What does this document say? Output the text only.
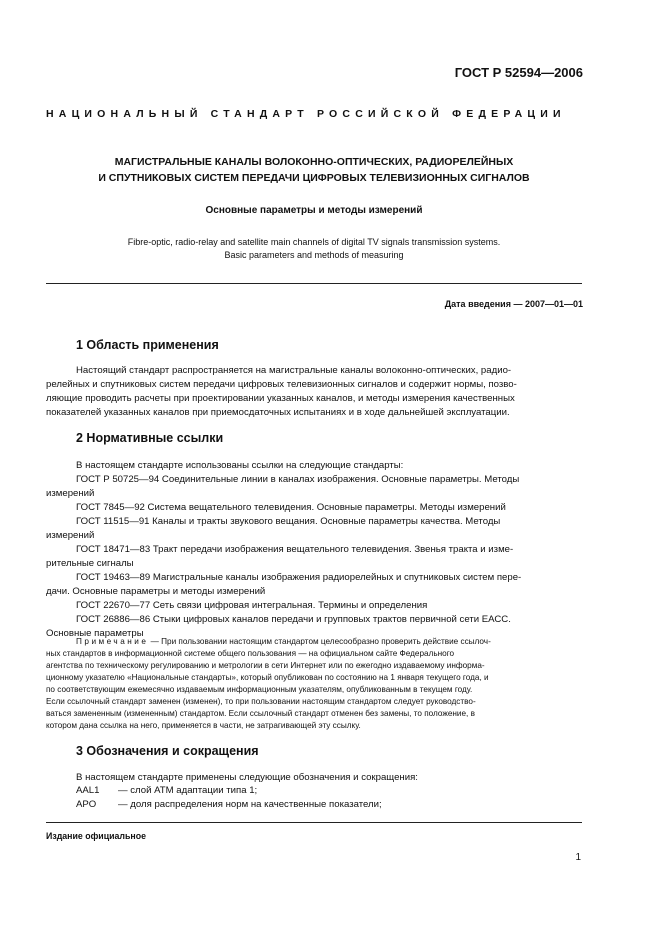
ГОСТ Р 52594—2006
НАЦИОНАЛЬНЫЙ СТАНДАРТ РОССИЙСКОЙ ФЕДЕРАЦИИ
МАГИСТРАЛЬНЫЕ КАНАЛЫ ВОЛОКОННО-ОПТИЧЕСКИХ, РАДИОРЕЛЕЙНЫХ
И СПУТНИКОВЫХ СИСТЕМ ПЕРЕДАЧИ ЦИФРОВЫХ ТЕЛЕВИЗИОННЫХ СИГНАЛОВ
Основные параметры и методы измерений
Fibre-optic, radio-relay and satellite main channels of digital TV signals transmission systems.
Basic parameters and methods of measuring
Дата введения — 2007—01—01
1 Область применения
Настоящий стандарт распространяется на магистральные каналы волоконно-оптических, радио-
релейных и спутниковых систем передачи цифровых телевизионных сигналов и содержит нормы, позво-
ляющие проводить расчеты при проектировании указанных каналов, и методы измерения качественных
показателей указанных каналов при приемосдаточных испытаниях и в ходе дальнейшей эксплуатации.
2 Нормативные ссылки
В настоящем стандарте использованы ссылки на следующие стандарты:
ГОСТ Р 50725—94 Соединительные линии в каналах изображения. Основные параметры. Методы
измерений
ГОСТ 7845—92 Система вещательного телевидения. Основные параметры. Методы измерений
ГОСТ 11515—91 Каналы и тракты звукового вещания. Основные параметры качества. Методы
измерений
ГОСТ 18471—83 Тракт передачи изображения вещательного телевидения. Звенья тракта и изме-
рительные сигналы
ГОСТ 19463—89 Магистральные каналы изображения радиорелейных и спутниковых систем пере-
дачи. Основные параметры и методы измерений
ГОСТ 22670—77 Сеть связи цифровая интегральная. Термины и определения
ГОСТ 26886—86 Стыки цифровых каналов передачи и групповых трактов первичной сети ЕАСС.
Основные параметры
Примечание — При пользовании настоящим стандартом целесообразно проверить действие ссылоч-
ных стандартов в информационной системе общего пользования — на официальном сайте Федерального
агентства по техническому регулированию и метрологии в сети Интернет или по ежегодно издаваемому информа-
ционному указателю «Национальные стандарты», который опубликован по состоянию на 1 января текущего года, и
по соответствующим ежемесячно издаваемым информационным указателям, опубликованным в текущем году.
Если ссылочный стандарт заменен (изменен), то при пользовании настоящим стандартом следует руководство-
ваться замененным (измененным) стандартом. Если ссылочный стандарт отменен без замены, то положение, в
котором дана ссылка на него, применяется в части, не затрагивающей эту ссылку.
3 Обозначения и сокращения
В настоящем стандарте применены следующие обозначения и сокращения:
AAL1 — слой АТМ адаптации типа 1;
APO — доля распределения норм на качественные показатели;
Издание официальное
1
